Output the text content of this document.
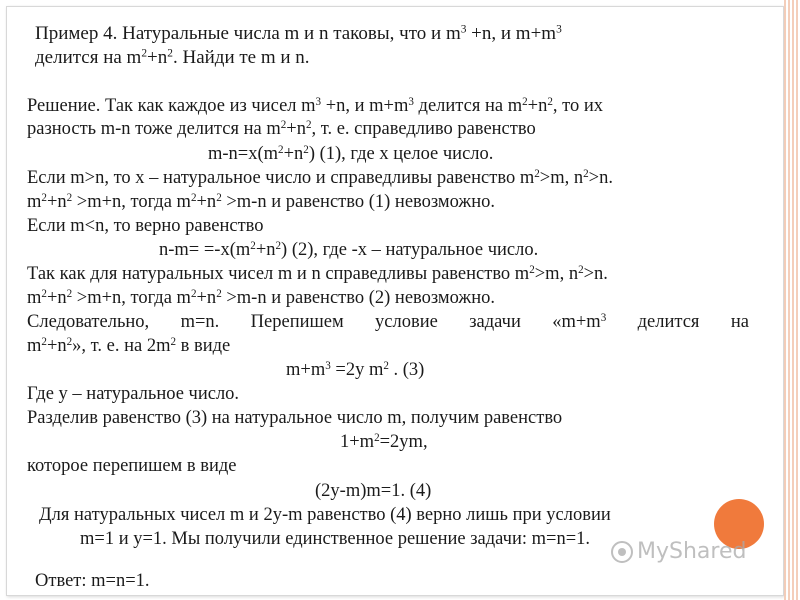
Пример 4. Натуральные числа m и n таковы, что и $m^3 +n$, и $m+m^3$
делится на $m^2+n^2$. Найди те m и n.
Решение. Так как каждое из чисел $m^3 +n$, и $m+m^3$ делится на $m^2+n^2$, то их
разность m-n тоже делится на $m^2+n^2$, т. е. справедливо равенство
$m-n=x(m^2+n^2)$ (1), где x целое число.
Если m>n, то x – натуральное число и справедливы равенство $m^2>m$, $n^2>n$.
$m^2+n^2 >m+n$, тогда $m^2+n^2 >m-n$ и равенство (1) невозможно.
Если m<n, то верно равенство
$n-m= =-x(m^2+n^2)$ (2), где -x – натуральное число.
Так как для натуральных чисел m и n справедливы равенство $m^2>m$, $n^2>n$.
$m^2+n^2 >m+n$, тогда $m^2+n^2 >m-n$ и равенство (2) невозможно.
Следовательно, m=n. Перепишем условие задачи «$m+m^3$ делится на
$m^2+n^2$», т. е. на $2m^2$ в виде
$m+m^3 =2y$ $m^2$ . (3)
Где y – натуральное число.
Разделив равенство (3) на натуральное число m, получим равенство
$1+m^2=2ym$,
которое перепишем в виде
(2y-m)m=1. (4)
Для натуральных чисел m и 2y-m равенство (4) верно лишь при условии
m=1 и y=1. Мы получили единственное решение задачи: m=n=1.
Ответ: m=n=1.
MyShared
